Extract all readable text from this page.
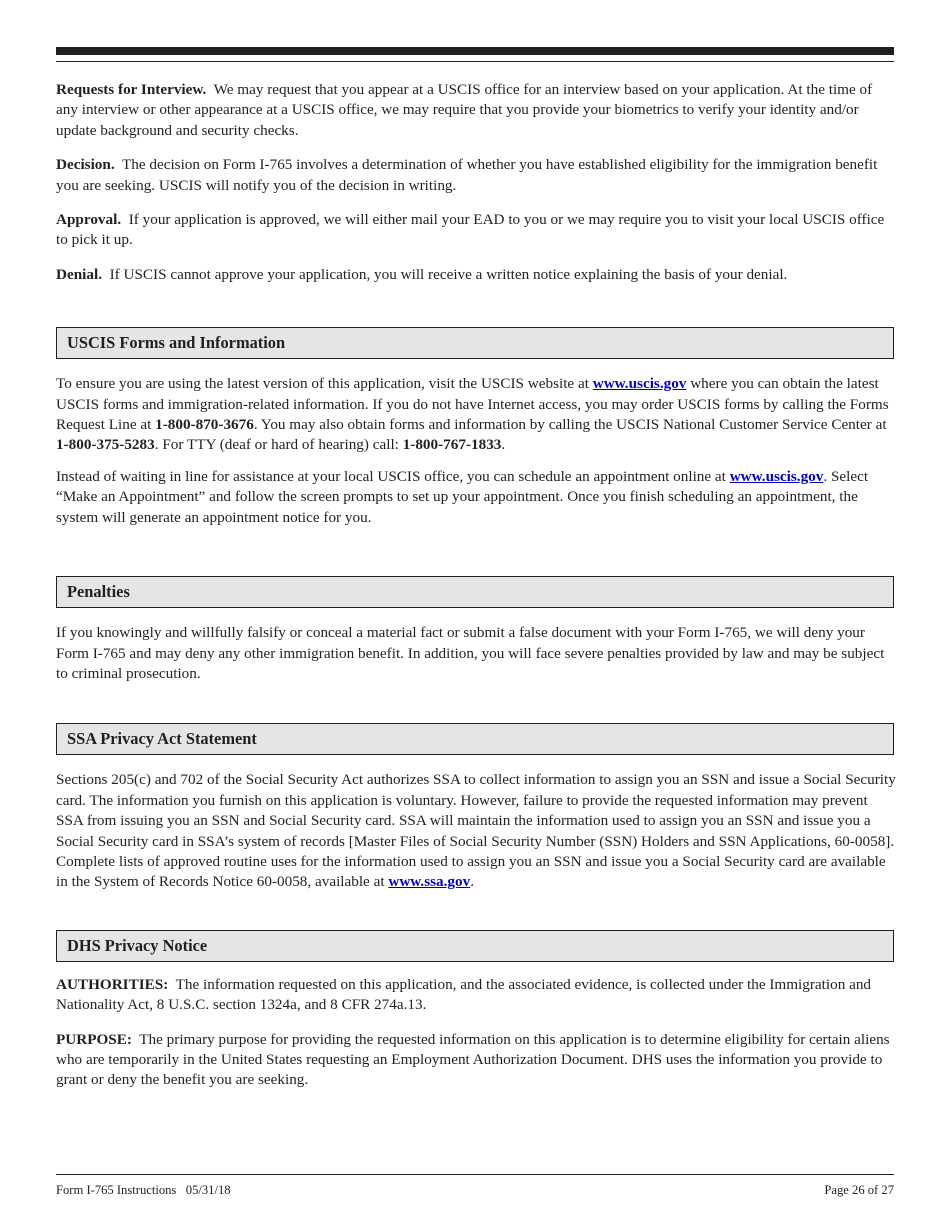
Requests for Interview. We may request that you appear at a USCIS office for an interview based on your application. At the time of any interview or other appearance at a USCIS office, we may require that you provide your biometrics to verify your identity and/or update background and security checks.

Decision. The decision on Form I-765 involves a determination of whether you have established eligibility for the immigration benefit you are seeking. USCIS will notify you of the decision in writing.

Approval. If your application is approved, we will either mail your EAD to you or we may require you to visit your local USCIS office to pick it up.

Denial. If USCIS cannot approve your application, you will receive a written notice explaining the basis of your denial.

USCIS Forms and Information

To ensure you are using the latest version of this application, visit the USCIS website at www.uscis.gov where you can obtain the latest USCIS forms and immigration-related information. If you do not have Internet access, you may order USCIS forms by calling the Forms Request Line at 1-800-870-3676. You may also obtain forms and information by calling the USCIS National Customer Service Center at 1-800-375-5283. For TTY (deaf or hard of hearing) call: 1-800-767-1833.

Instead of waiting in line for assistance at your local USCIS office, you can schedule an appointment online at www.uscis.gov. Select “Make an Appointment” and follow the screen prompts to set up your appointment. Once you finish scheduling an appointment, the system will generate an appointment notice for you.

Penalties

If you knowingly and willfully falsify or conceal a material fact or submit a false document with your Form I-765, we will deny your Form I-765 and may deny any other immigration benefit. In addition, you will face severe penalties provided by law and may be subject to criminal prosecution.

SSA Privacy Act Statement

Sections 205(c) and 702 of the Social Security Act authorizes SSA to collect information to assign you an SSN and issue a Social Security card. The information you furnish on this application is voluntary. However, failure to provide the requested information may prevent SSA from issuing you an SSN and Social Security card. SSA will maintain the information used to assign you an SSN and issue you a Social Security card in SSA’s system of records [Master Files of Social Security Number (SSN) Holders and SSN Applications, 60-0058]. Complete lists of approved routine uses for the information used to assign you an SSN and issue you a Social Security card are available in the System of Records Notice 60-0058, available at www.ssa.gov.

DHS Privacy Notice

AUTHORITIES: The information requested on this application, and the associated evidence, is collected under the Immigration and Nationality Act, 8 U.S.C. section 1324a, and 8 CFR 274a.13.

PURPOSE: The primary purpose for providing the requested information on this application is to determine eligibility for certain aliens who are temporarily in the United States requesting an Employment Authorization Document. DHS uses the information you provide to grant or deny the benefit you are seeking.

Form I-765 Instructions   05/31/18	Page 26 of 27
